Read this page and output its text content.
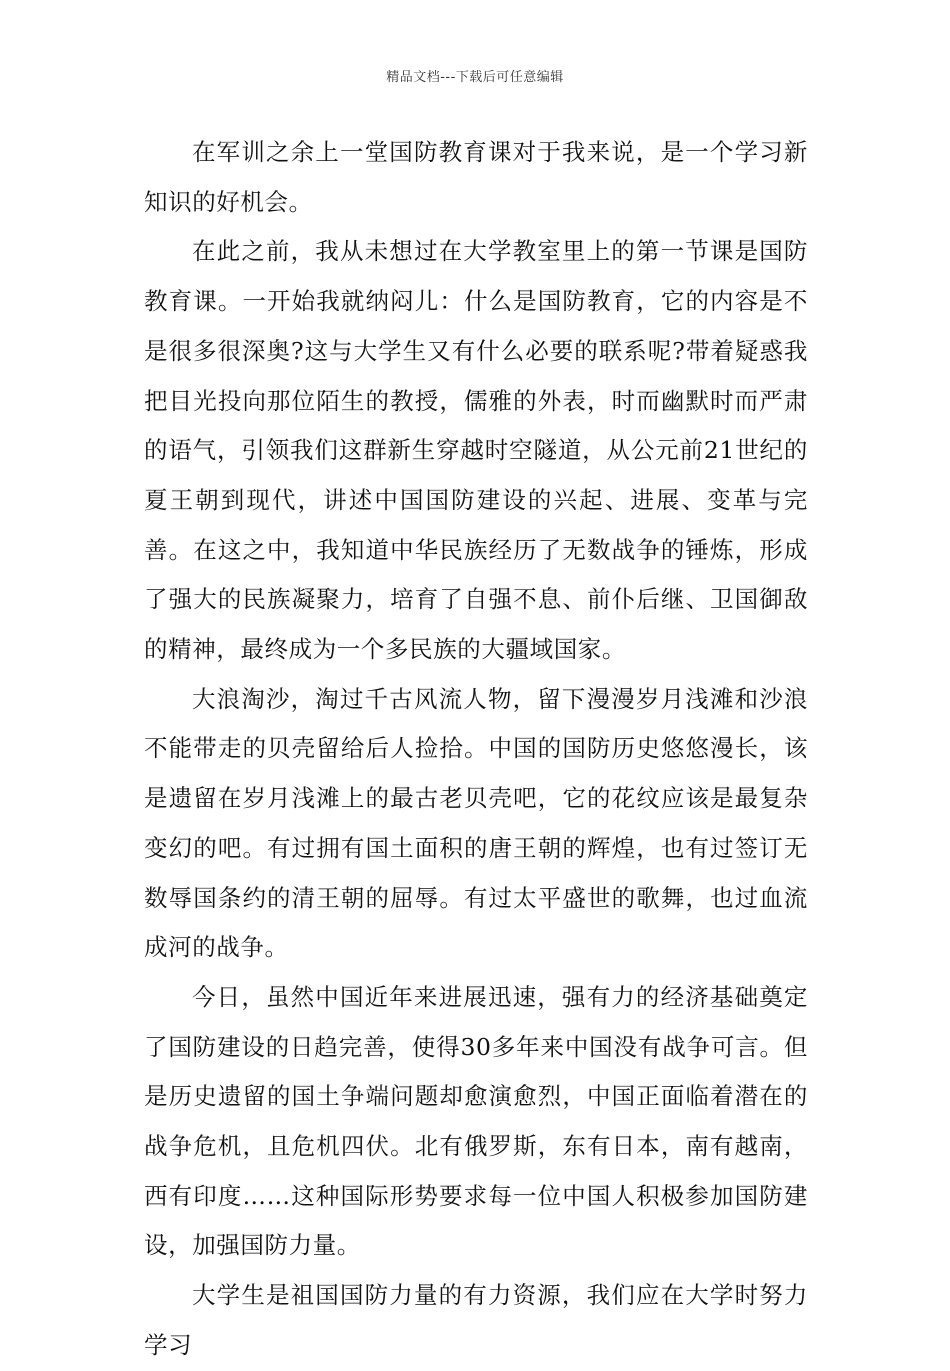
精品文档---下载后可任意编辑

在军训之余上一堂国防教育课对于我来说，是一个学习新知识的好机会。

在此之前，我从未想过在大学教室里上的第一节课是国防教育课。一开始我就纳闷儿：什么是国防教育，它的内容是不是很多很深奥?这与大学生又有什么必要的联系呢?带着疑惑我把目光投向那位陌生的教授，儒雅的外表，时而幽默时而严肃的语气，引领我们这群新生穿越时空隧道，从公元前21世纪的夏王朝到现代，讲述中国国防建设的兴起、进展、变革与完善。在这之中，我知道中华民族经历了无数战争的锤炼，形成了强大的民族凝聚力，培育了自强不息、前仆后继、卫国御敌的精神，最终成为一个多民族的大疆域国家。

大浪淘沙，淘过千古风流人物，留下漫漫岁月浅滩和沙浪不能带走的贝壳留给后人捡拾。中国的国防历史悠悠漫长，该是遗留在岁月浅滩上的最古老贝壳吧，它的花纹应该是最复杂变幻的吧。有过拥有国土面积的唐王朝的辉煌，也有过签订无数辱国条约的清王朝的屈辱。有过太平盛世的歌舞，也过血流成河的战争。

今日，虽然中国近年来进展迅速，强有力的经济基础奠定了国防建设的日趋完善，使得30多年来中国没有战争可言。但是历史遗留的国土争端问题却愈演愈烈，中国正面临着潜在的战争危机，且危机四伏。北有俄罗斯，东有日本，南有越南，西有印度……这种国际形势要求每一位中国人积极参加国防建设，加强国防力量。

大学生是祖国国防力量的有力资源，我们应在大学时努力学习
